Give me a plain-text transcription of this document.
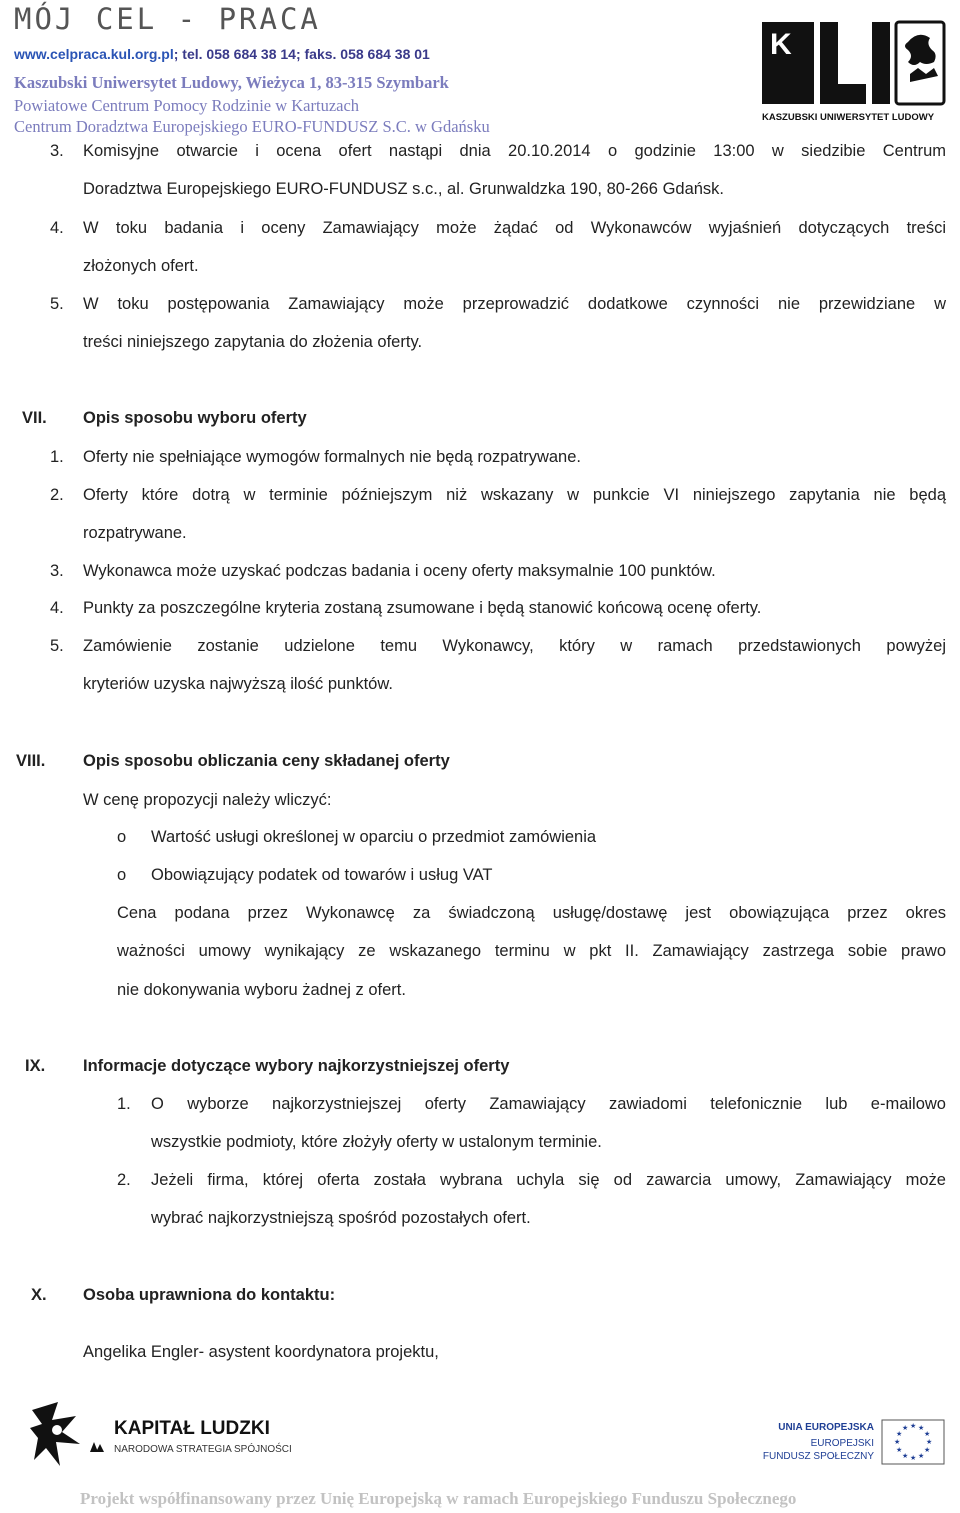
MÓJ CEL - PRACA
www.celpraca.kul.org.pl; tel. 058 684 38 14; faks. 058 684 38 01
Kaszubski Uniwersytet Ludowy, Wieżyca 1, 83-315 Szymbark
Powiatowe Centrum Pomocy Rodzinie w Kartuzach
Centrum Doradztwa Europejskiego EURO-FUNDUSZ S.C. w Gdańsku
K
KASZUBSKI UNIWERSYTET LUDOWY
3. Komisyjne otwarcie i ocena ofert nastąpi dnia 20.10.2014 o godzinie 13:00 w siedzibie Centrum
Doradztwa Europejskiego EURO-FUNDUSZ s.c., al. Grunwaldzka 190, 80-266 Gdańsk.
4. W toku badania i oceny Zamawiający może żądać od Wykonawców wyjaśnień dotyczących treści
złożonych ofert.
5. W toku postępowania Zamawiający może przeprowadzić dodatkowe czynności nie przewidziane w
treści niniejszego zapytania do złożenia oferty.
VII. Opis sposobu wyboru oferty
1. Oferty nie spełniające wymogów formalnych nie będą rozpatrywane.
2. Oferty które dotrą w terminie późniejszym niż wskazany w punkcie VI niniejszego zapytania nie będą
rozpatrywane.
3. Wykonawca może uzyskać podczas badania i oceny oferty maksymalnie 100 punktów.
4. Punkty za poszczególne kryteria zostaną zsumowane i będą stanowić końcową ocenę oferty.
5. Zamówienie zostanie udzielone temu Wykonawcy, który w ramach przedstawionych powyżej
kryteriów uzyska najwyższą ilość punktów.
VIII. Opis sposobu obliczania ceny składanej oferty
W cenę propozycji należy wliczyć:
o Wartość usługi określonej w oparciu o przedmiot zamówienia
o Obowiązujący podatek od towarów i usług VAT
Cena podana przez Wykonawcę za świadczoną usługę/dostawę jest obowiązująca przez okres
ważności umowy wynikający ze wskazanego terminu w pkt II. Zamawiający zastrzega sobie prawo
nie dokonywania wyboru żadnej z ofert.
IX. Informacje dotyczące wybory najkorzystniejszej oferty
1. O wyborze najkorzystniejszej oferty Zamawiający zawiadomi telefonicznie lub e-mailowo
wszystkie podmioty, które złożyły oferty w ustalonym terminie.
2. Jeżeli firma, której oferta została wybrana uchyla się od zawarcia umowy, Zamawiający może
wybrać najkorzystniejszą spośród pozostałych ofert.
X. Osoba uprawniona do kontaktu:
Angelika Engler- asystent koordynatora projektu,
KAPITAŁ LUDZKI
NARODOWA STRATEGIA SPÓJNOŚCI
UNIA EUROPEJSKA
EUROPEJSKI
FUNDUSZ SPOŁECZNY
★ ★
★
★
★
★
★
★
★
★
★
★
Projekt współfinansowany przez Unię Europejską w ramach Europejskiego Funduszu Społecznego
